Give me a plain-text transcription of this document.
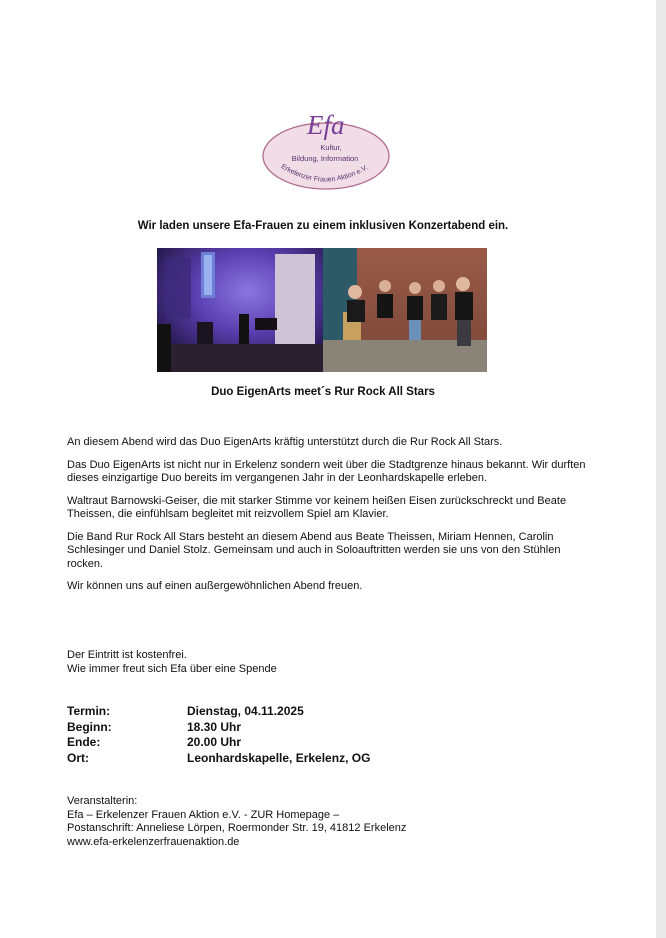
Efa
Kultur,
Bildung, Information
Erkelenzer Frauen Aktion e.V.
Wir laden unsere Efa-Frauen zu einem inklusiven Konzertabend ein.
Duo EigenArts meet´s Rur Rock All Stars

An diesem Abend wird das Duo EigenArts kräftig unterstützt durch die Rur Rock All Stars.

Das Duo EigenArts ist nicht nur in Erkelenz sondern weit über die Stadtgrenze hinaus bekannt. Wir durften dieses einzigartige Duo bereits im vergangenen Jahr in der Leonhardskapelle erleben.

Waltraut Barnowski-Geiser, die mit starker Stimme vor keinem heißen Eisen zurückschreckt und Beate Theissen, die einfühlsam begleitet mit reizvollem Spiel am Klavier.

Die Band Rur Rock All Stars besteht an diesem Abend aus Beate Theissen, Miriam Hennen, Carolin Schlesinger und Daniel Stolz. Gemeinsam und auch in Soloauftritten werden sie uns von den Stühlen rocken.

Wir können uns auf einen außergewöhnlichen Abend freuen.

Der Eintritt ist kostenfrei.
Wie immer freut sich Efa über eine Spende
Termin:	Dienstag, 04.11.2025
Beginn:	18.30 Uhr
Ende:	20.00 Uhr
Ort:	Leonhardskapelle, Erkelenz, OG
Veranstalterin:
Efa – Erkelenzer Frauen Aktion e.V. - ZUR Homepage –
Postanschrift: Anneliese Lörpen, Roermonder Str. 19, 41812 Erkelenz
www.efa-erkelenzerfrauenaktion.de
